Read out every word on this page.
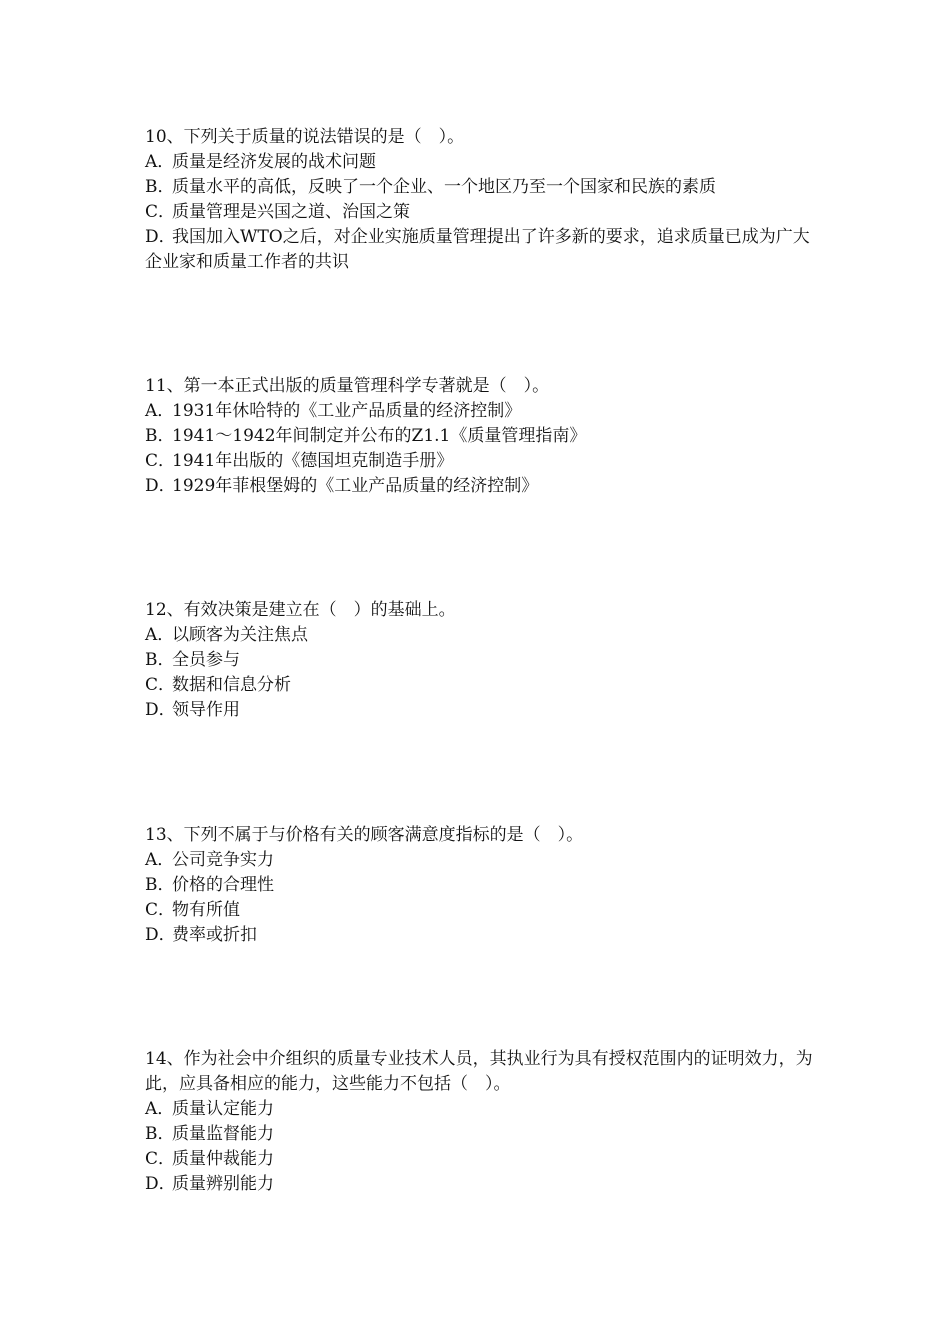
10、下列关于质量的说法错误的是（　）。

A．质量是经济发展的战术问题

B．质量水平的高低，反映了一个企业、一个地区乃至一个国家和民族的素质

C．质量管理是兴国之道、治国之策

D．我国加入WTO之后，对企业实施质量管理提出了许多新的要求，追求质量已成为广大企业家和质量工作者的共识

11、第一本正式出版的质量管理科学专著就是（　）。

A．1931年休哈特的《工业产品质量的经济控制》

B．1941～1942年间制定并公布的Z1.1《质量管理指南》

C．1941年出版的《德国坦克制造手册》

D．1929年菲根堡姆的《工业产品质量的经济控制》

12、有效决策是建立在（　）的基础上。

A．以顾客为关注焦点

B．全员参与

C．数据和信息分析

D．领导作用

13、下列不属于与价格有关的顾客满意度指标的是（　）。

A．公司竞争实力

B．价格的合理性

C．物有所值

D．费率或折扣

14、作为社会中介组织的质量专业技术人员，其执业行为具有授权范围内的证明效力，为此，应具备相应的能力，这些能力不包括（　）。

A．质量认定能力

B．质量监督能力

C．质量仲裁能力

D．质量辨别能力
